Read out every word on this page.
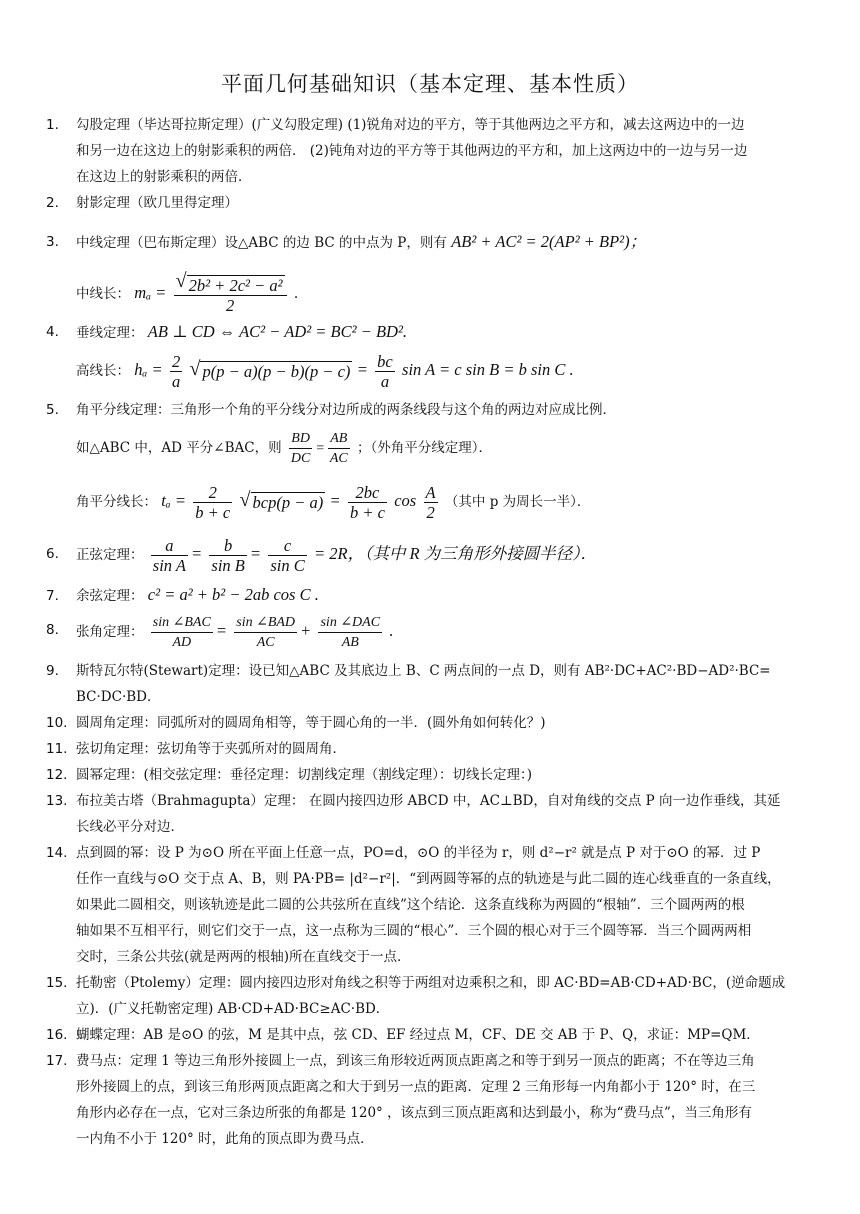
平面几何基础知识（基本定理、基本性质）
1.	勾股定理（毕达哥拉斯定理）(广义勾股定理) (1)锐角对边的平方，等于其他两边之平方和，减去这两边中的一边
和另一边在这边上的射影乘积的两倍． (2)钝角对边的平方等于其他两边的平方和，加上这两边中的一边与另一边
在这边上的射影乘积的两倍．
2.	射影定理（欧几里得定理）
3.	中线定理（巴布斯定理）设△ABC 的边 BC 的中点为 P，则有 AB² + AC² = 2(AP² + BP²)；
中线长： $m_a = \frac{\text{√ 2b² + 2c² − a²}}{2}$ .
4.	垂线定理： AB ⊥ CD ⇔ AC² − AD² = BC² − BD².
高线长： $h_a = \frac{2}{a}$
√ $p(p - a)(p - b)(p - c) = \frac{bc}{a}$ sin A = c sin B = b sin C .
5.	角平分线定理：三角形一个角的平分线分对边所成的两条线段与这个角的两边对应成比例．
如△ABC 中，AD 平分∠BAC，则 $\frac{BD}{DC} = \frac{AB}{AC}$ ；（外角平分线定理）．
角平分线长： $t_a = \frac{2}{b + c}$
√ $bcp(p - a) = \frac{2bc}{b + c}$ $\cos \frac{A}{2}$ （其中 p 为周长一半）．
6.	正弦定理： $\frac{a}{\text{sin A}} = \frac{b}{\text{sin B}} = \frac{c}{\text{sin C}} = 2R$，（其中 R 为三角形外接圆半径）．
7.	余弦定理： c² = a² + b² − 2ab cos C .
8.	张角定理： $\frac{\text{sin ∠BAC}}{AD} = \frac{\text{sin ∠BAD}}{AC} + \frac{\text{sin ∠DAC}}{AB}$ .
9.	斯特瓦尔特(Stewart)定理：设已知△ABC 及其底边上 B、C 两点间的一点 D，则有 AB²·DC+AC²·BD−AD²·BC=
BC·DC·BD．
10. 圆周角定理：同弧所对的圆周角相等，等于圆心角的一半．(圆外角如何转化？)
11. 弦切角定理：弦切角等于夹弧所对的圆周角．
12. 圆幂定理：(相交弦定理：垂径定理：切割线定理（割线定理）：切线长定理：)
13. 布拉美古塔（Brahmagupta）定理： 在圆内接四边形 ABCD 中，AC⊥BD，自对角线的交点 P 向一边作垂线，其延
长线必平分对边．
14. 点到圆的幂：设 P 为⊙O 所在平面上任意一点，PO=d，⊙O 的半径为 r，则 d²−r² 就是点 P 对于⊙O 的幂．过 P
任作一直线与⊙O 交于点 A、B，则 PA·PB= |d²−r²|．“到两圆等幂的点的轨迹是与此二圆的连心线垂直的一条直线，
如果此二圆相交，则该轨迹是此二圆的公共弦所在直线”这个结论．这条直线称为两圆的“根轴”．三个圆两两的根
轴如果不互相平行，则它们交于一点，这一点称为三圆的“根心”．三个圆的根心对于三个圆等幂．当三个圆两两相
交时，三条公共弦(就是两两的根轴)所在直线交于一点．
15. 托勒密（Ptolemy）定理：圆内接四边形对角线之积等于两组对边乘积之和，即 AC·BD=AB·CD+AD·BC，(逆命题成
立)．(广义托勒密定理) AB·CD+AD·BC≥AC·BD．
16. 蝴蝶定理：AB 是⊙O 的弦，M 是其中点，弦 CD、EF 经过点 M，CF、DE 交 AB 于 P、Q，求证：MP=QM．
17. 费马点：定理 1 等边三角形外接圆上一点，到该三角形较近两顶点距离之和等于到另一顶点的距离；不在等边三角
形外接圆上的点，到该三角形两顶点距离之和大于到另一点的距离．定理 2 三角形每一内角都小于 120° 时，在三
角形内必存在一点，它对三条边所张的角都是 120° ，该点到三顶点距离和达到最小，称为“费马点”，当三角形有
一内角不小于 120° 时，此角的顶点即为费马点．
